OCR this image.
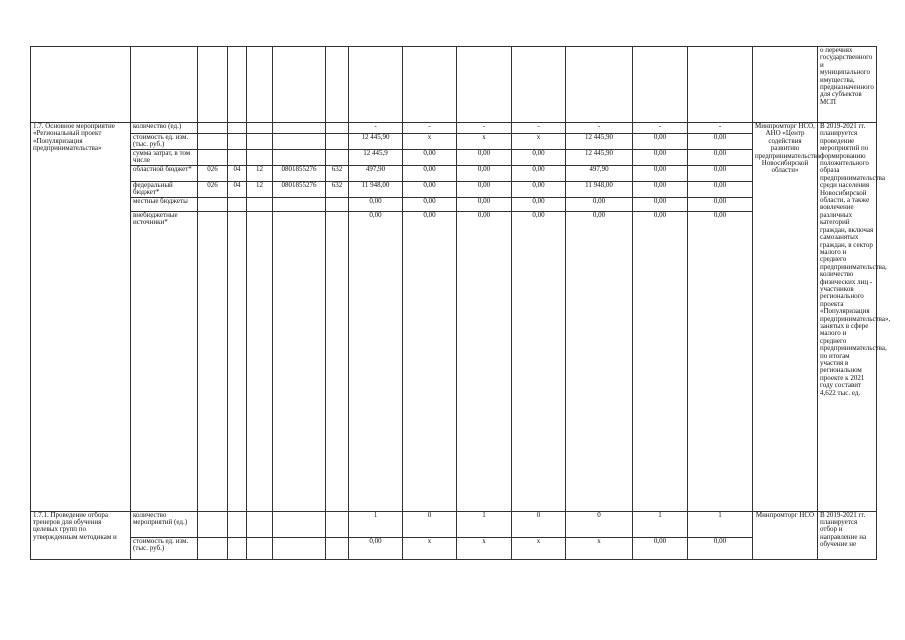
															о перечнях государственного и муниципального имущества, предназначенного для субъектов МСП
1.7. Основное мероприятие «Региональный проект «Популяризация предпринимательства»	количество (ед.)						-	-	-	-	-	-	-	Минпромторг НСО, АНО «Центр содействия развитию предпринимательства Новосибирской области»	В 2019-2021 гг. планируется проведение мероприятий по формированию положительного образа предпринимательства среди населения Новосибирской области, а также вовлечение различных категорий граждан, включая самозанятых граждан, в сектор малого и среднего предпринимательства, количество физических лиц - участников регионального проекта «Популяризация предпринимательства», занятых в сфере малого и среднего предпринимательства, по итогам участия в региональном проекте к 2021 году составит 4,622 тыс. ед.
	стоимость ед. изм. (тыс. руб.)						12 445,90	х	х	х	12 445,90	0,00	0,00		
	сумма затрат, в том числе						12 445,9	0,00	0,00	0,00	12 445,90	0,00	0,00		
	областной бюджет*	026	04	12	0801855276	632	497,90	0,00	0,00	0,00	497,90	0,00	0,00		
	федеральный бюджет*	026	04	12	0801855276	632	11 948,00	0,00	0,00	0,00	11 948,00	0,00	0,00		
	местные бюджеты						0,00	0,00	0,00	0,00	0,00	0,00	0,00		
	внебюджетные источники*						0,00	0,00	0,00	0,00	0,00	0,00	0,00		
1.7.1. Проведение отбора тренеров для обучения целевых групп по утвержденным методикам и	количество мероприятий (ед.)						1	0	1	0	0	1	1	Минпромторг НСО	В 2019-2021 гг. планируется отбор и направление на обучение не
	стоимость ед. изм. (тыс. руб.)						0,00	х	х	х	х	0,00	0,00		
